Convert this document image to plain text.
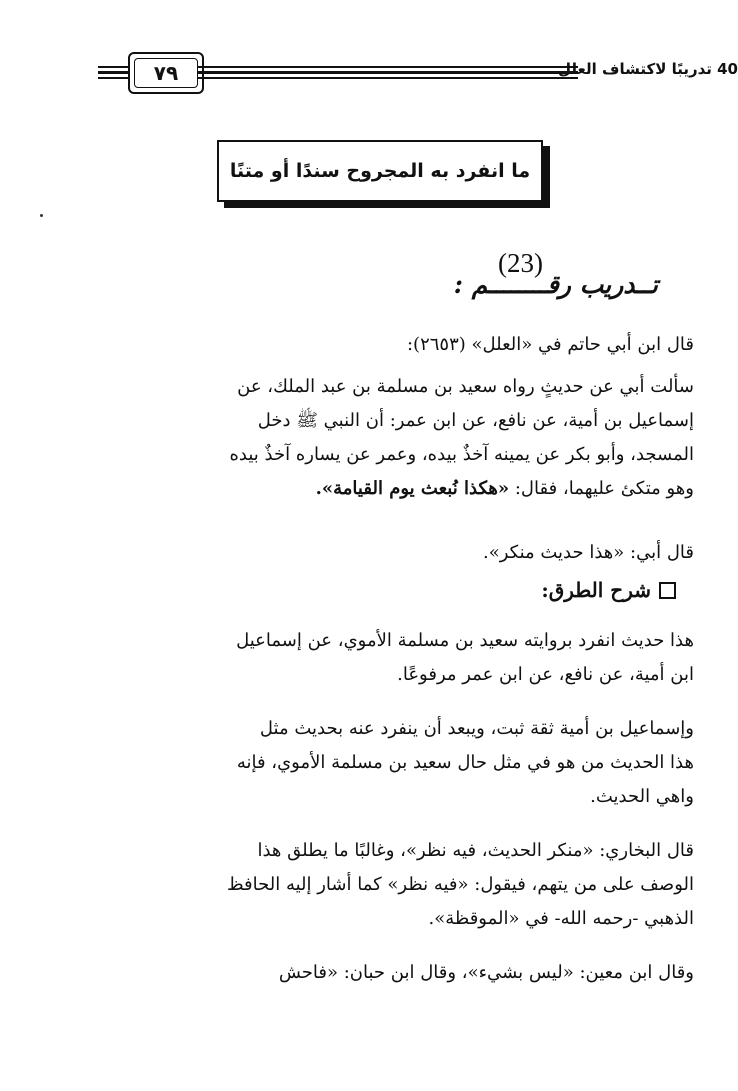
٧٩	40 تدريبًا لاكتشاف العلل
ما انفرد به المجروح سندًا أو متنًا
(23)
تــدريب رقــــــــم :
قال ابن أبي حاتم في «العلل» (٢٦٥٣):
سألت أبي عن حديثٍ رواه سعيد بن مسلمة بن عبد الملك، عن
إسماعيل بن أمية، عن نافع، عن ابن عمر: أن النبي ﷺ دخل
المسجد، وأبو بكر عن يمينه آخذٌ بيده، وعمر عن يساره آخذٌ بيده
وهو متكئ عليهما، فقال: «هكذا نُبعث يوم القيامة».
قال أبي: «هذا حديث منكر».
شرح الطرق:
هذا حديث انفرد بروايته سعيد بن مسلمة الأموي، عن إسماعيل
ابن أمية، عن نافع، عن ابن عمر مرفوعًا.
وإسماعيل بن أمية ثقة ثبت، ويبعد أن ينفرد عنه بحديث مثل
هذا الحديث من هو في مثل حال سعيد بن مسلمة الأموي، فإنه
واهي الحديث.
قال البخاري: «منكر الحديث، فيه نظر»، وغالبًا ما يطلق هذا
الوصف على من يتهم، فيقول: «فيه نظر» كما أشار إليه الحافظ
الذهبي -رحمه الله- في «الموقظة».
وقال ابن معين: «ليس بشيء»، وقال ابن حبان: «فاحش
